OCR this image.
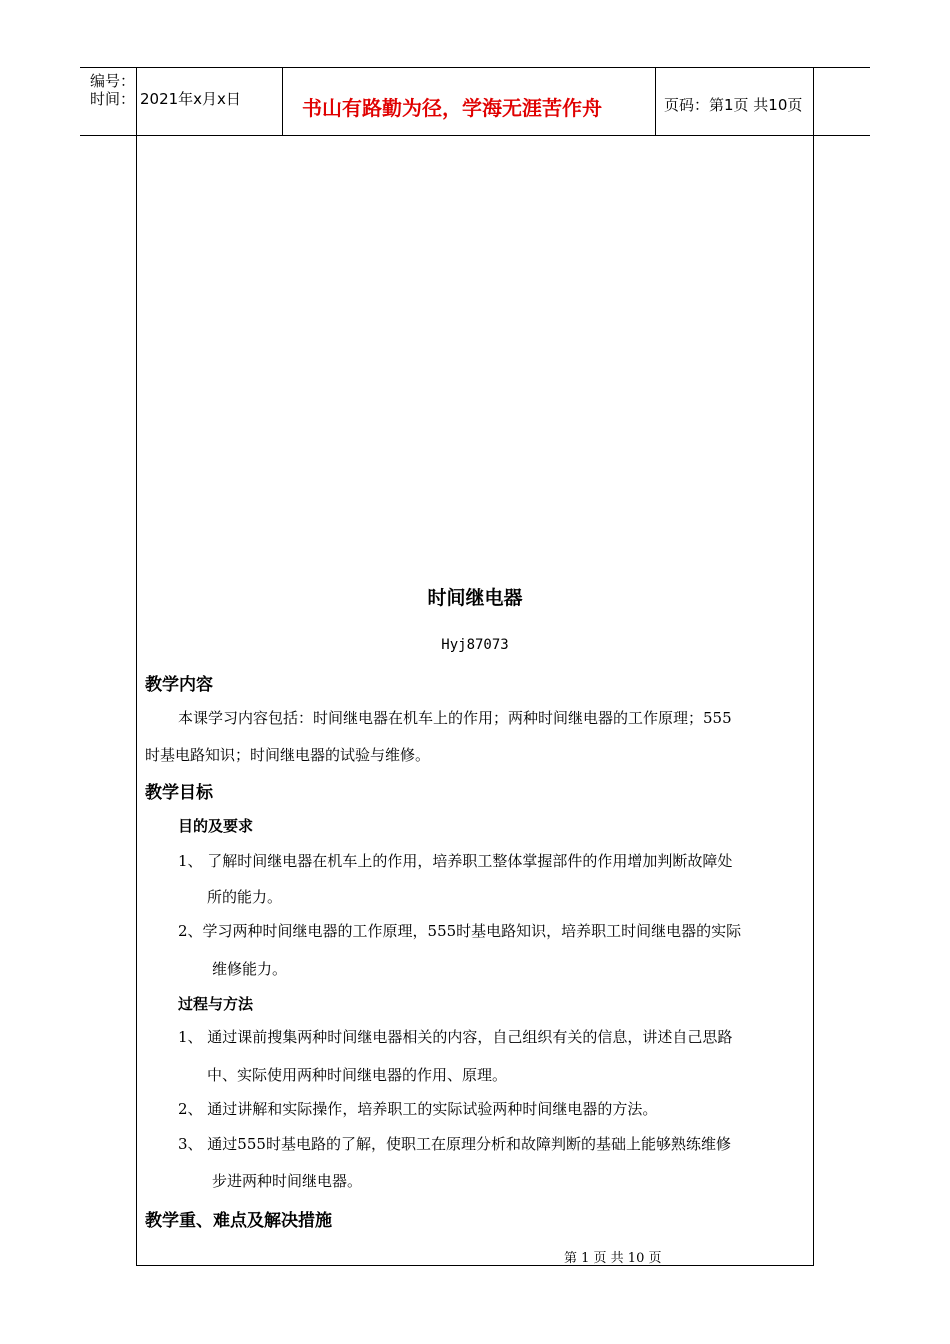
编号：
时间： 2021年x月x日	书山有路勤为径，学海无涯苦作舟	页码：第1页 共10页
时间继电器
Hyj87073
教学内容
本课学习内容包括：时间继电器在机车上的作用；两种时间继电器的工作原理；555
时基电路知识；时间继电器的试验与维修。
教学目标
目的及要求
1、 了解时间继电器在机车上的作用，培养职工整体掌握部件的作用增加判断故障处
所的能力。
2、学习两种时间继电器的工作原理，555时基电路知识，培养职工时间继电器的实际
维修能力。
过程与方法
1、 通过课前搜集两种时间继电器相关的内容，自己组织有关的信息，讲述自己思路
中、实际使用两种时间继电器的作用、原理。
2、 通过讲解和实际操作，培养职工的实际试验两种时间继电器的方法。
3、 通过555时基电路的了解，使职工在原理分析和故障判断的基础上能够熟练维修
步进两种时间继电器。
教学重、难点及解决措施
第 1 页 共 10 页
